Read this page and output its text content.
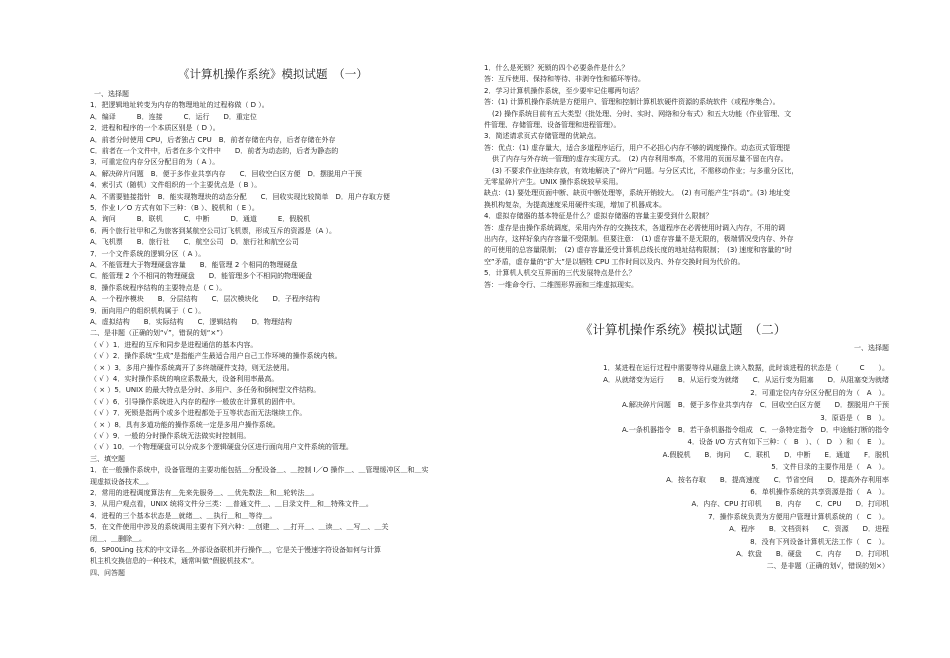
《计算机操作系统》模拟试题　（一）
一、选择题
1．把逻辑地址转变为内存的物理地址的过程称做（ D ）。
A．编译　　　B．连接　　　C．运行　　D．重定位
2．进程和程序的一个本质区别是（ D ）。
A．前者分时使用 CPU，后者独占 CPU　B．前者存储在内存，后者存储在外存
C．前者在一个文件中，后者在多个文件中　　D．前者为动态的，后者为静态的
3．可重定位内存分区分配目的为（ A ）。
A．解决碎片问题　B．便于多作业共享内存　　C．回收空白区方便　D．摆脱用户干预
4．索引式（随机）文件组织的一个主要优点是（ B ）。
A．不需要链接指针　B．能实现物理块的动态分配　　C．回收实现比较简单　D．用户存取方便
5．作业 I／O 方式有如下三种：（B ）、脱机和（ E ）。
A．询问　　　B．联机　　　C．中断　　　D．通道　　　E．假脱机
6．两个旅行社甲和乙为旅客到某航空公司订飞机票，形成互斥的资源是（A ）。
A．飞机票　　B．旅行社　　C．航空公司　D．旅行社和航空公司
7．一个文件系统的逻辑分区（ A ）。
A．不能管理大于物理硬盘容量　　B．能管理 2 个相同的物理硬盘
C．能管理 2 个不相同的物理硬盘　　D．能管理多个不相同的物理硬盘
8．操作系统程序结构的主要特点是（ C ）。
A．一个程序模块　　B．分层结构　　C．层次模块化　　D．子程序结构
9．面向用户的组织机构属于（ C ）。
A．虚拟结构　　B．实际结构　　C．逻辑结构　　D．物理结构
二、是非题（正确的划“√”，错误的划“×”）
（ √ ）1．进程的互斥和同步是进程通信的基本内容。
（ √ ）2．操作系统“生成”是指能产生最适合用户自己工作环境的操作系统内核。
（ × ）3．多用户操作系统离开了多终端硬件支持，则无法使用。
（ √ ）4．实时操作系统的响应系数最大，设备利用率最高。
（ × ）5．UNIX 的最大特点是分时、多用户、多任务和倒树型文件结构。
（ √ ）6．引导操作系统进入内存的程序一般放在计算机的固件中。
（ √ ）7．死锁是指两个或多个进程都处于互等状态而无法继续工作。
（ × ）8．具有多道功能的操作系统一定是多用户操作系统。
（ √ ）9．一般的分时操作系统无法做实时控制用。
（ √ ）10．一个物理硬盘可以分成多个逻辑硬盘分区进行面向用户文件系统的管理。
三、填空题
1．在一般操作系统中，设备管理的主要功能包括＿分配设备＿、＿控制 I／O 操作＿、＿管理缓冲区＿和＿实
现虚拟设备技术＿。
2．常用的进程调度算法有＿先来先服务＿、＿优先数法＿和＿轮转法＿。
3．从用户观点看，UNIX 统将文件分三类：＿普通文件＿、＿目录文件＿和＿特殊文件＿。
4．进程的三个基本状态是＿就绪＿、＿执行＿和＿等待＿。
5．在文件使用中涉及的系统调用主要有下列六种：＿创建＿、＿打开＿、＿读＿、＿写＿、＿关
闭＿、＿删除＿。
6．SP00Ling 技术的中文译名＿外部设备联机并行操作＿，它是关于慢速字符设备如何与计算
机主机交换信息的一种技术，通常叫做“假脱机技术”。
四、问答题
1．什么是死锁？死锁的四个必要条件是什么？
答：互斥使用、保持和等待、非剥夺性和循环等待。
2．学习计算机操作系统，至少要牢记住哪两句话？
答：(1) 计算机操作系统是方便用户、管理和控制计算机软硬件资源的系统软件（或程序集合）。
(2) 操作系统目前有五大类型（批处理、分时、实时、网络和分布式）和五大功能（作业管理、文
件管理、存储管理、设备管理和进程管理）。
3．简述请求页式存储管理的优缺点。
答：优点：(1) 虚存量大，适合多道程序运行，用户不必担心内存不够的调度操作。动态页式管理提
供了内存与外存统一管理的虚存实现方式。　(2) 内存利用率高，不常用的页面尽量不留在内存。
(3) 不要求作业连续存放，有效地解决了“碎片”问题。与分区式比，不需移动作业；与多重分区比，
无零星碎片产生。UNIX 操作系统较早采用。
缺点：(1) 要处理页面中断、缺页中断处理等，系统开销较大。　(2) 有可能产生“抖动”。(3) 地址变
换机构复杂，为提高速度采用硬件实现，增加了机器成本。
4．虚拟存储器的基本特征是什么？虚拟存储器的容量主要受到什么限制？
答：虚存是由操作系统调度，采用内外存的交换技术，各道程序在必需使用时调入内存，不用的调
出内存，这样好象内存容量不受限制。但要注意：　(1) 虚存容量不是无限的，极端情况受内存、外存
的可使用的总容量限制；　(2) 虚存容量还受计算机总线长度的地址结构限制；　(3) 速度和容量的“时
空”矛盾，虚存量的“扩大”是以牺牲 CPU 工作时间以及内、外存交换时间为代价的。
5．计算机人机交互界面的三代发展特点是什么？
答：一维命令行、二维图形界面和三维虚拟现实。
《计算机操作系统》模拟试题　（二）
一、选择题
1．某进程在运行过程中需要等待从磁盘上读入数据，此时该进程的状态是（　　　C　　）。
A．从就绪变为运行　　B．从运行变为就绪　　C．从运行变为阻塞　　D．从阻塞变为就绪
2．可重定位内存分区分配目的为（　A　）。
A.解决碎片问题　B．便于多作业共享内存　C．回收空白区方便　　D．摆脱用户干预
3．原语是（　B　）。
A.一条机器指令　B．若干条机器指令组成　C．一条特定指令　D．中途能打断的指令
4．设备 I/O 方式有如下三种：（　B　）、（　D　）和（　E　）。
A.假脱机　　B．询问　　C．联机　　D．中断　　E．通道　　F．脱机
5．文件目录的主要作用是（　A　）。
A．按名存取　　B．提高速度　　C．节省空间　　D．提高外存利用率
6．单机操作系统的共享资源是指（　A　）。
A．内存、CPU 打印机　　B．内存　　C．CPU　　D．打印机
7．操作系统负责为方便用户管理计算机系统的（　C　）。
A．程序　　B．文档资料　　C．资源　　D．进程
8．没有下列设备计算机无法工作（　C　）。
A．软盘　　B．硬盘　　C．内存　　D．打印机
二、是非题（正确的划√，错误的划×）
